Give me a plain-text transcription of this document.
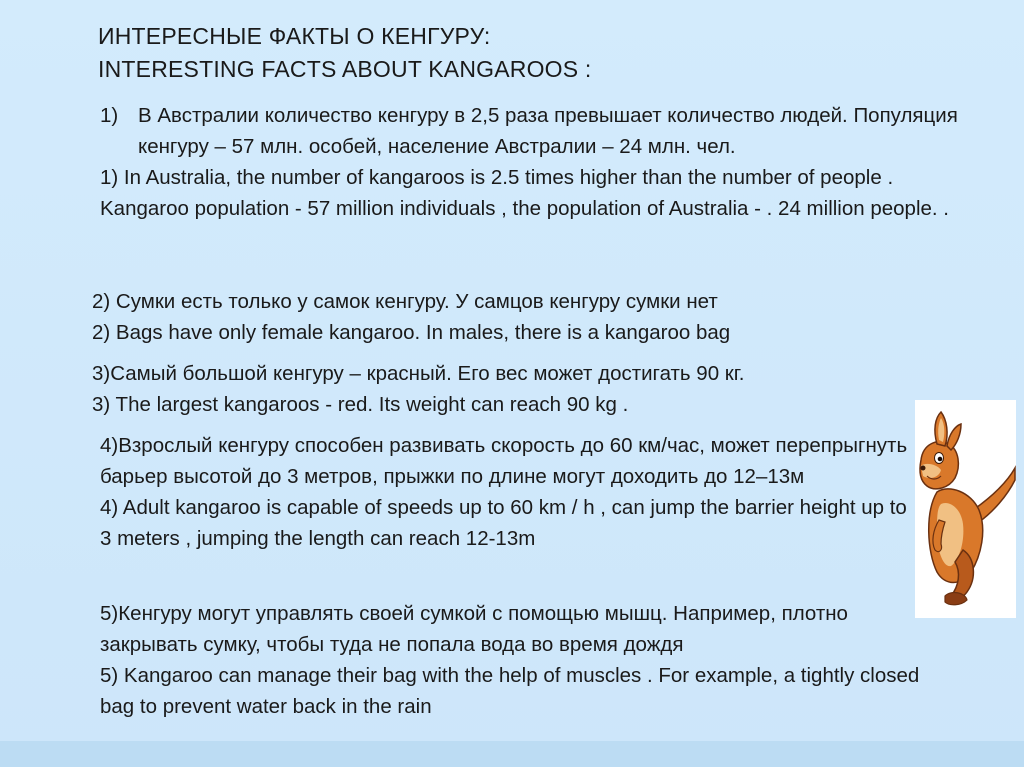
ИНТЕРЕСНЫЕ ФАКТЫ О КЕНГУРУ:
INTERESTING FACTS ABOUT KANGAROOS :

1) В Австралии количество кенгуру в 2,5 раза превышает количество людей. Популяция кенгуру – 57 млн. особей, население Австралии – 24 млн. чел.

1) In Australia, the number of kangaroos is 2.5 times higher than the number of people . Kangaroo population - 57 million individuals , the population of Australia - . 24 million people. .

2) Сумки есть только у самок кенгуру. У самцов кенгуру сумки нет

2) Bags have only female kangaroo. In males, there is a kangaroo bag

3)Самый большой кенгуру – красный. Его вес может достигать 90 кг.

3) The largest kangaroos - red. Its weight can reach 90 kg .

4)Взрослый кенгуру способен развивать скорость до 60 км/час, может перепрыгнуть барьер высотой до 3 метров, прыжки по длине могут доходить до 12–13м

4) Adult kangaroo is capable of speeds up to 60 km / h , can jump the barrier height up to 3 meters , jumping the length can reach 12-13m

5)Кенгуру могут управлять своей сумкой с помощью мышц. Например, плотно закрывать сумку, чтобы туда не попала вода во время дождя

5) Kangaroo can manage their bag with the help of muscles . For example, a tightly closed bag to prevent water back in the rain
